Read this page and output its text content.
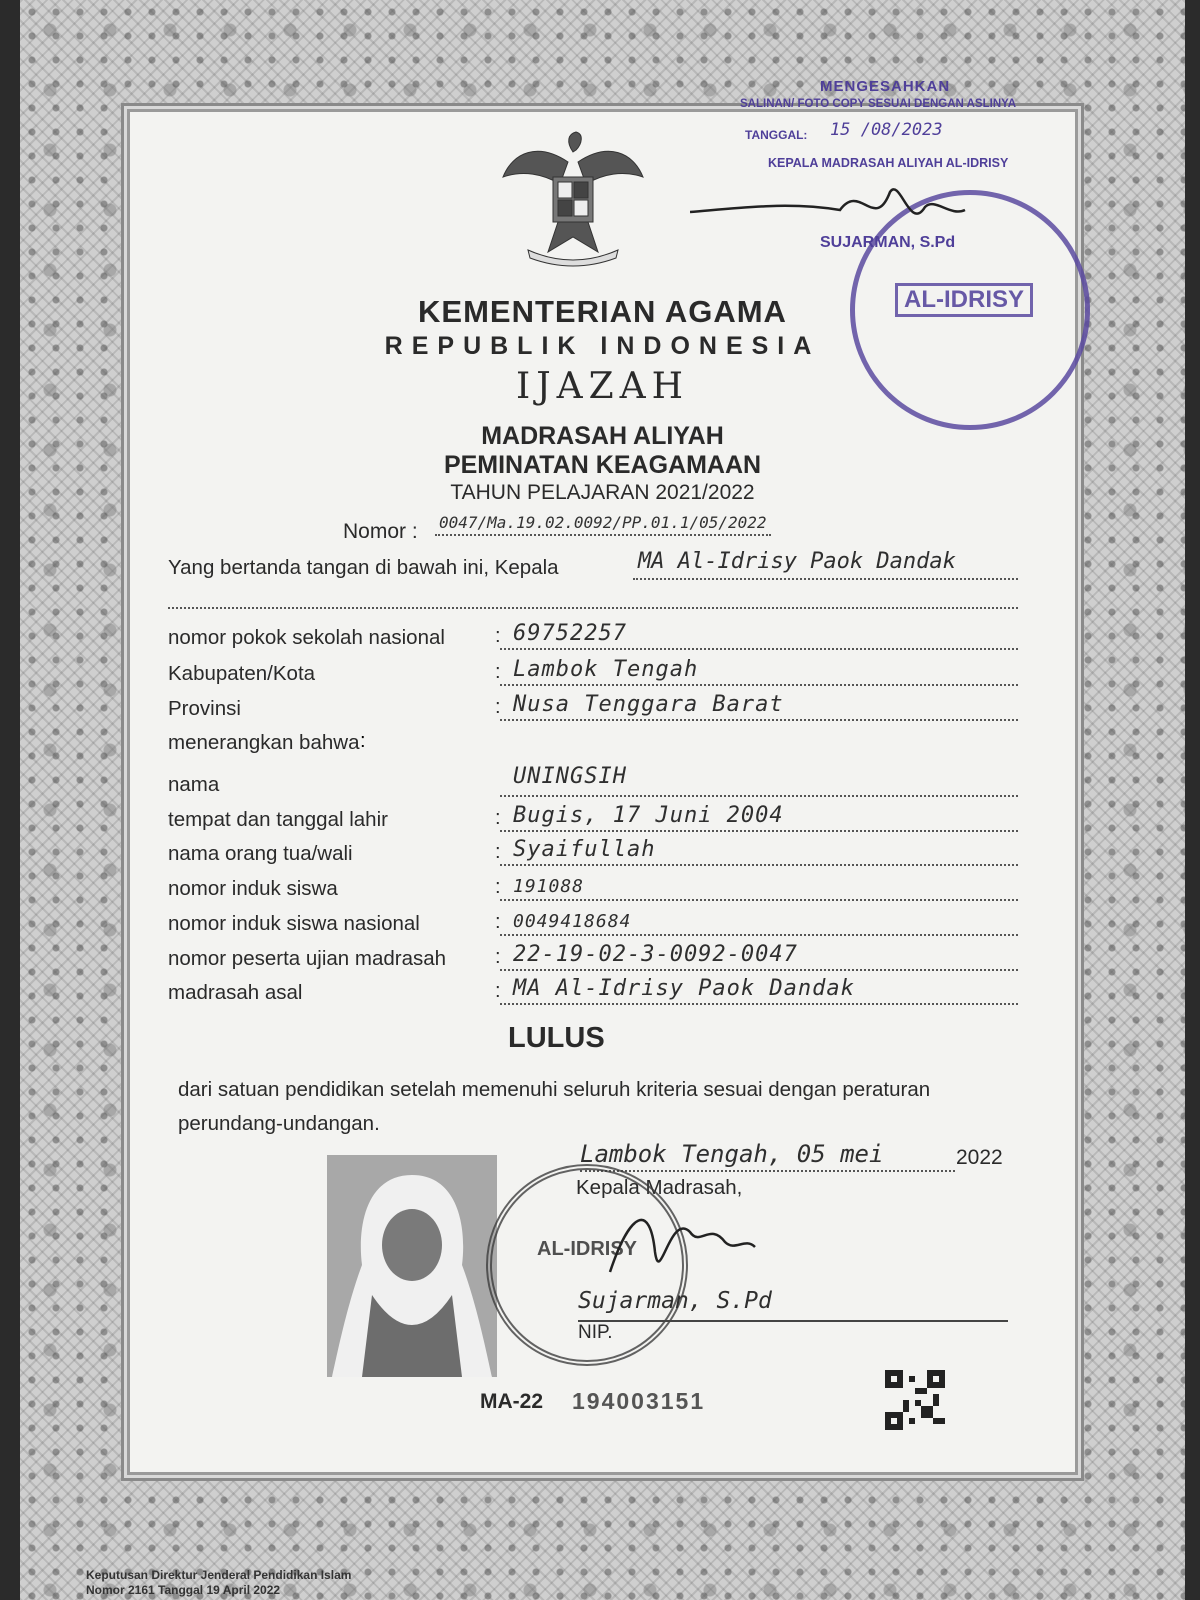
KEMENTERIAN AGAMA
REPUBLIK INDONESIA
IJAZAH
MADRASAH ALIYAH
PEMINATAN KEAGAMAAN
TAHUN PELAJARAN 2021/2022
Nomor : 0047/Ma.19.02.0092/PP.01.1/05/2022
Yang bertanda tangan di bawah ini, Kepala	MA Al-Idrisy Paok Dandak
nomor pokok sekolah nasional	: 69752257
Kabupaten/Kota	: Lambok Tengah
Provinsi	: Nusa Tenggara Barat
menerangkan bahwa :
nama	UNINGSIH
tempat dan tanggal lahir	: Bugis, 17 Juni 2004
nama orang tua/wali	: Syaifullah
nomor induk siswa	: 191088
nomor induk siswa nasional	: 0049418684
nomor peserta ujian madrasah : 22-19-02-3-0092-0047
madrasah asal	: MA Al-Idrisy Paok Dandak
LULUS
dari satuan pendidikan setelah memenuhi seluruh kriteria sesuai dengan peraturan perundang-undangan.
Lambok Tengah, 05 mei	2022
Kepala Madrasah,
AL-IDRISY
Sujarman, S.Pd
NIP.
MA-22 194003151
AL-IDRISY
MENGESAHKAN
SALINAN/ FOTO COPY SESUAI DENGAN ASLINYA
TANGGAL: 15 /08/2023
KEPALA MADRASAH ALIYAH AL-IDRISY
SUJARMAN, S.Pd
Keputusan Direktur Jenderal Pendidikan Islam
Nomor 2161 Tanggal 19 April 2022
